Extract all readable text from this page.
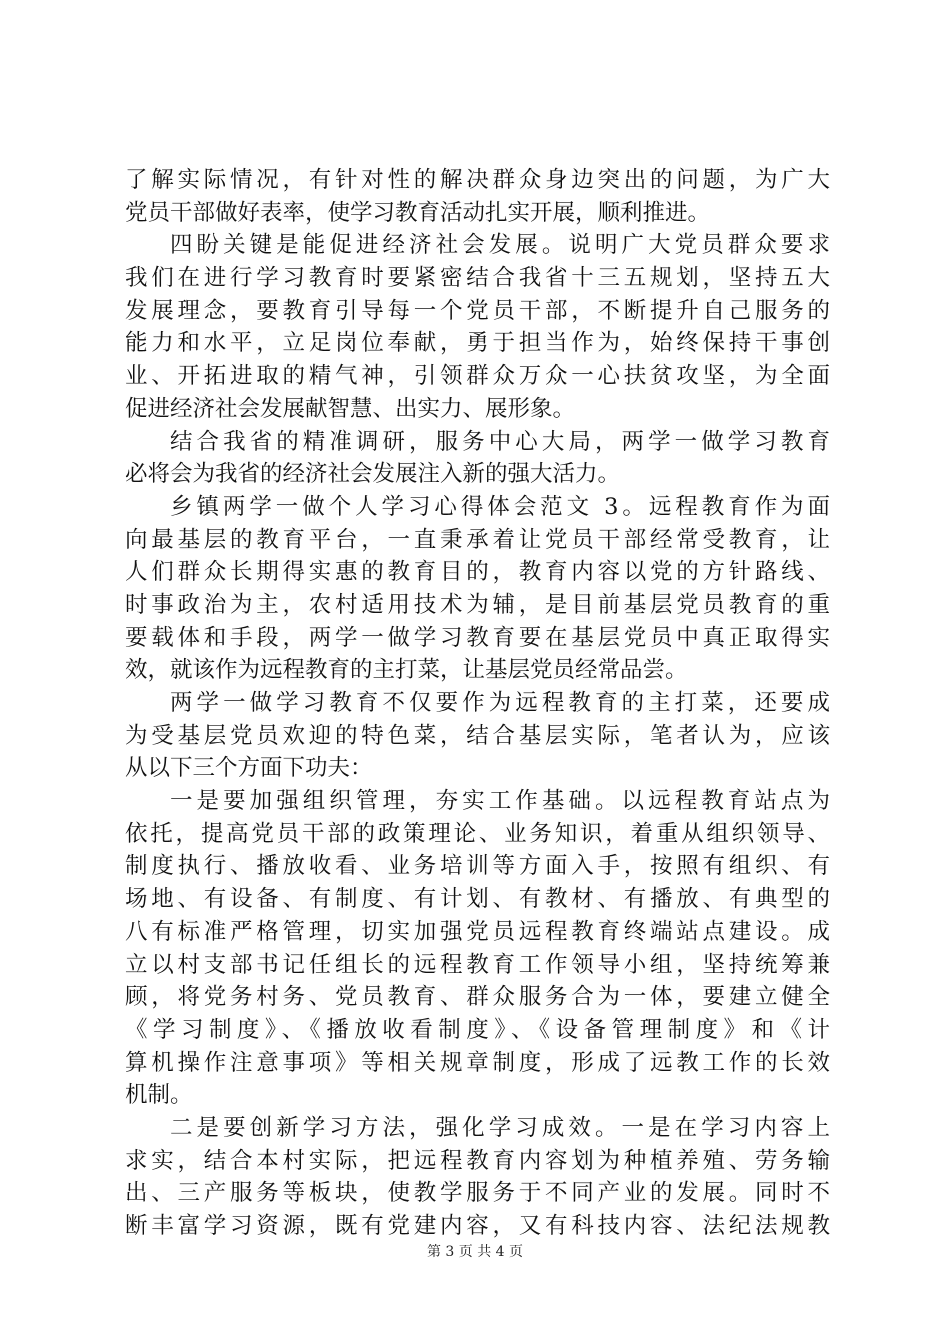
了解实际情况，有针对性的解决群众身边突出的问题，为广大
党员干部做好表率，使学习教育活动扎实开展，顺利推进。
四盼关键是能促进经济社会发展。说明广大党员群众要求
我们在进行学习教育时要紧密结合我省十三五规划，坚持五大
发展理念，要教育引导每一个党员干部，不断提升自己服务的
能力和水平，立足岗位奉献，勇于担当作为，始终保持干事创
业、开拓进取的精气神，引领群众万众一心扶贫攻坚，为全面
促进经济社会发展献智慧、出实力、展形象。
结合我省的精准调研，服务中心大局，两学一做学习教育
必将会为我省的经济社会发展注入新的强大活力。
乡镇两学一做个人学习心得体会范文 3。远程教育作为面
向最基层的教育平台，一直秉承着让党员干部经常受教育，让
人们群众长期得实惠的教育目的，教育内容以党的方针路线、
时事政治为主，农村适用技术为辅，是目前基层党员教育的重
要载体和手段，两学一做学习教育要在基层党员中真正取得实
效，就该作为远程教育的主打菜，让基层党员经常品尝。
两学一做学习教育不仅要作为远程教育的主打菜，还要成
为受基层党员欢迎的特色菜，结合基层实际，笔者认为，应该
从以下三个方面下功夫：
一是要加强组织管理，夯实工作基础。以远程教育站点为
依托，提高党员干部的政策理论、业务知识，着重从组织领导、
制度执行、播放收看、业务培训等方面入手，按照有组织、有
场地、有设备、有制度、有计划、有教材、有播放、有典型的
八有标准严格管理，切实加强党员远程教育终端站点建设。成
立以村支部书记任组长的远程教育工作领导小组，坚持统筹兼
顾，将党务村务、党员教育、群众服务合为一体，要建立健全
《学习制度》、《播放收看制度》、《设备管理制度》和《计
算机操作注意事项》等相关规章制度，形成了远教工作的长效
机制。
二是要创新学习方法，强化学习成效。一是在学习内容上
求实，结合本村实际，把远程教育内容划为种植养殖、劳务输
出、三产服务等板块，使教学服务于不同产业的发展。同时不
断丰富学习资源，既有党建内容，又有科技内容、法纪法规教
第 3 页 共 4 页
